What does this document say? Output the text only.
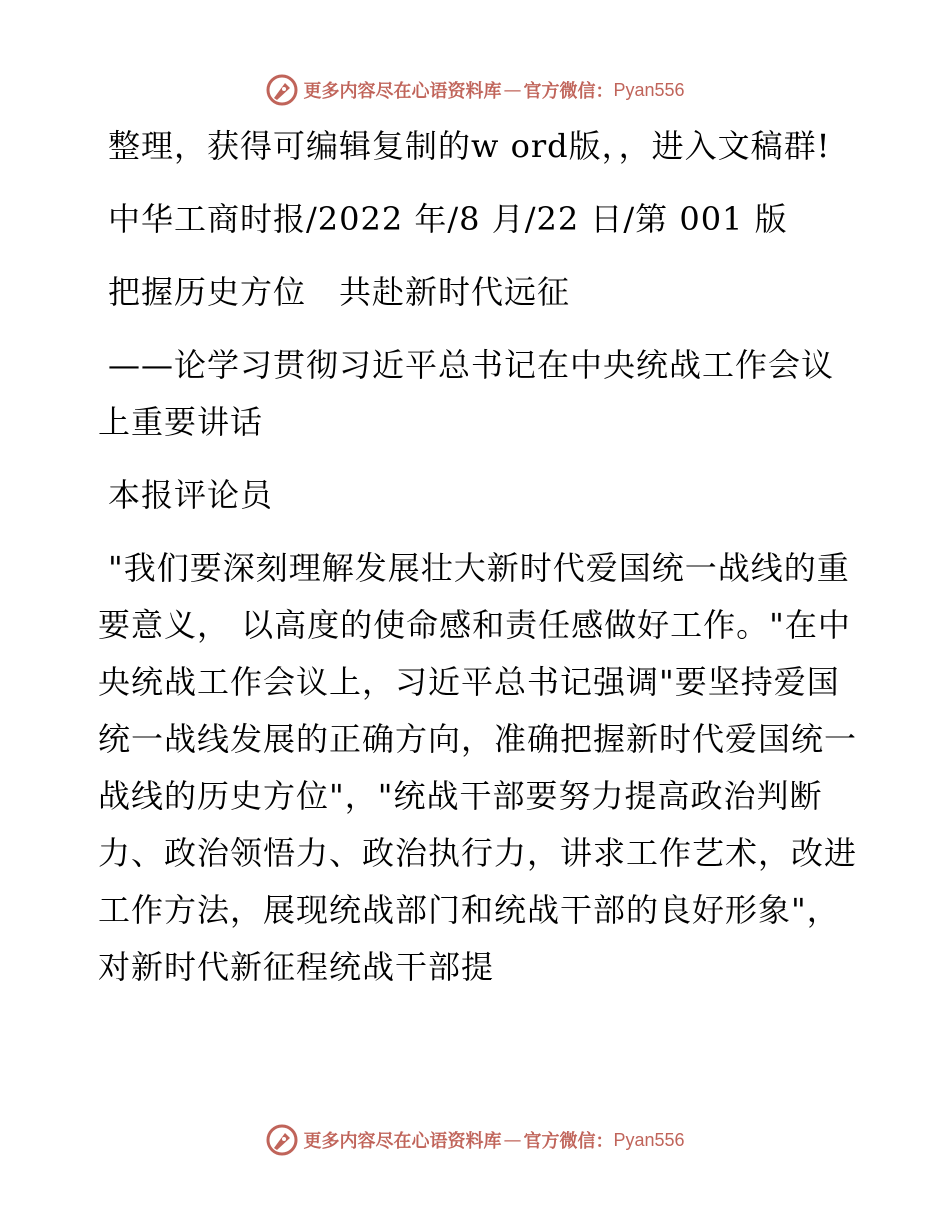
更多内容尽在心语资料库 — 官方微信： Pyan556

整理，获得可编辑复制的w ord版，，进入文稿群!

中华工商时报/2022 年/8 月/22 日/第 001 版

把握历史方位　共赴新时代远征

——论学习贯彻习近平总书记在中央统战工作会议上重要讲话

本报评论员

"我们要深刻理解发展壮大新时代爱国统一战线的重要意义， 以高度的使命感和责任感做好工作。"在中央统战工作会议上，习近平总书记强调"要坚持爱国统一战线发展的正确方向，准确把握新时代爱国统一战线的历史方位"，"统战干部要努力提高政治判断力、政治领悟力、政治执行力，讲求工作艺术，改进工作方法，展现统战部门和统战干部的良好形象"，对新时代新征程统战干部提

更多内容尽在心语资料库 — 官方微信： Pyan556
